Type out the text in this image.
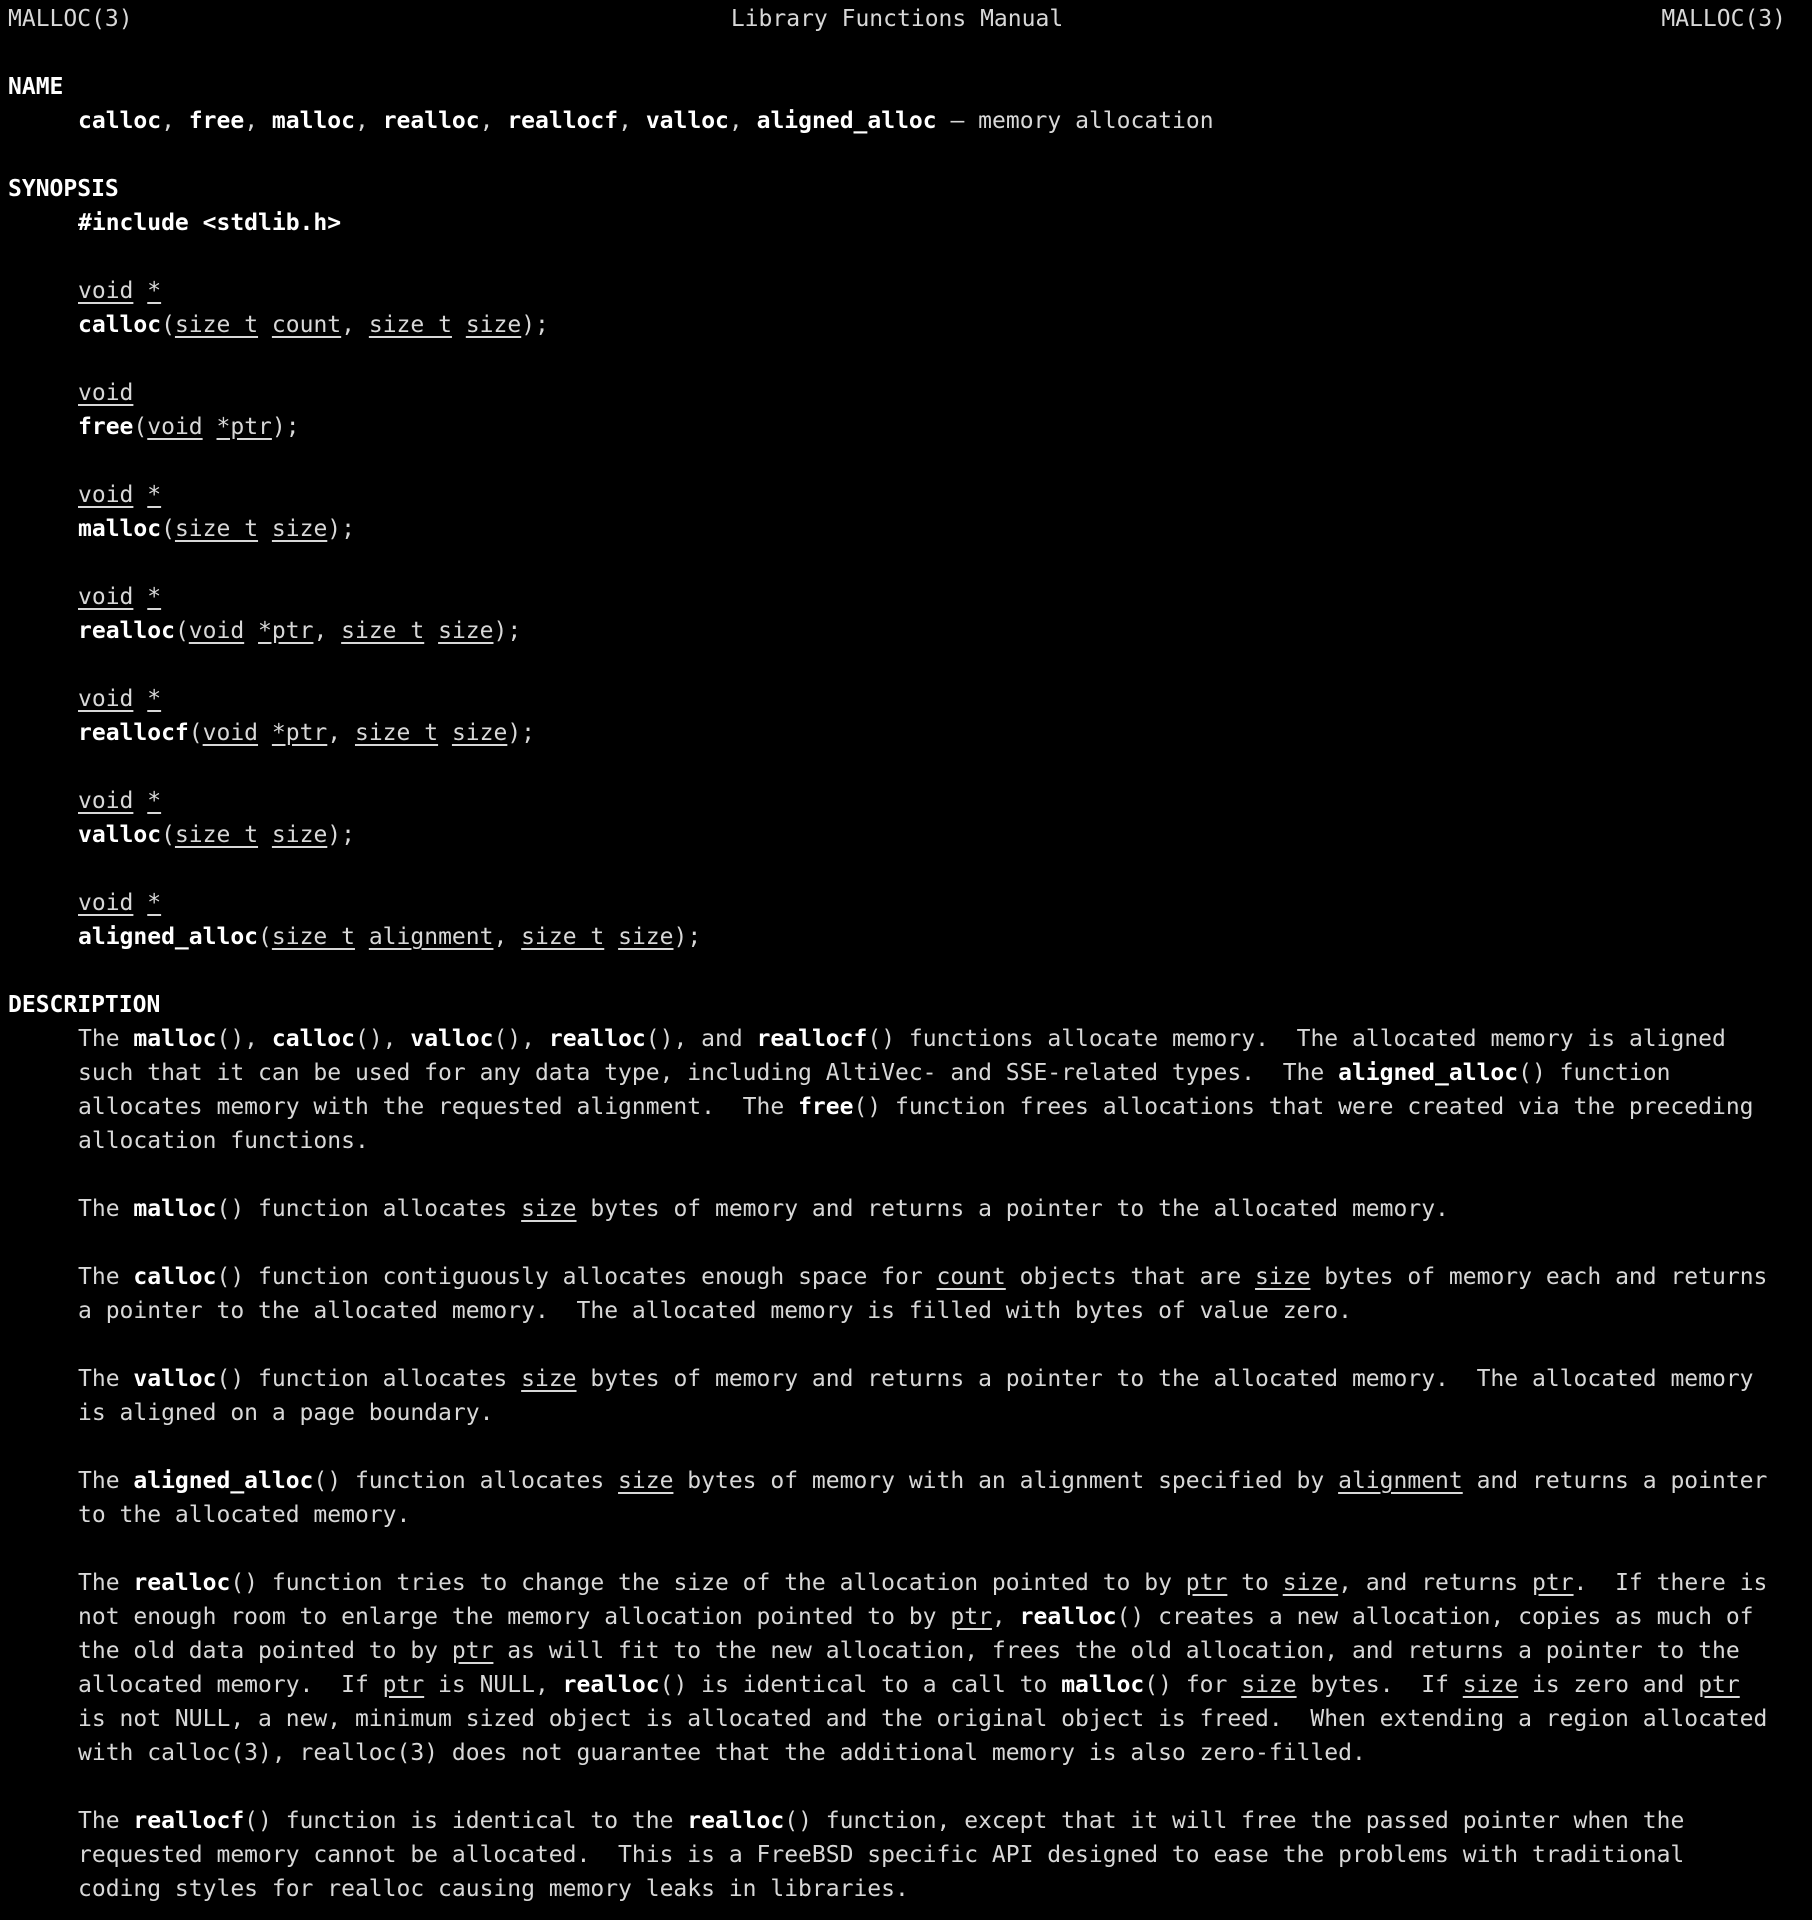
MALLOC(3)	Library Functions Manual	MALLOC(3)
NAME
calloc, free, malloc, realloc, reallocf, valloc, aligned_alloc – memory allocation
SYNOPSIS
#include <stdlib.h>
void *
calloc(size_t count, size_t size);
void
free(void *ptr);
void *
malloc(size_t size);
void *
realloc(void *ptr, size_t size);
void *
reallocf(void *ptr, size_t size);
void *
valloc(size_t size);
void *
aligned_alloc(size_t alignment, size_t size);
DESCRIPTION
The malloc(), calloc(), valloc(), realloc(), and reallocf() functions allocate memory.  The allocated memory is aligned
such that it can be used for any data type, including AltiVec- and SSE-related types.  The aligned_alloc() function
allocates memory with the requested alignment.  The free() function frees allocations that were created via the preceding
allocation functions.
The malloc() function allocates size bytes of memory and returns a pointer to the allocated memory.
The calloc() function contiguously allocates enough space for count objects that are size bytes of memory each and returns
a pointer to the allocated memory.  The allocated memory is filled with bytes of value zero.
The valloc() function allocates size bytes of memory and returns a pointer to the allocated memory.  The allocated memory
is aligned on a page boundary.
The aligned_alloc() function allocates size bytes of memory with an alignment specified by alignment and returns a pointer
to the allocated memory.
The realloc() function tries to change the size of the allocation pointed to by ptr to size, and returns ptr.  If there is
not enough room to enlarge the memory allocation pointed to by ptr, realloc() creates a new allocation, copies as much of
the old data pointed to by ptr as will fit to the new allocation, frees the old allocation, and returns a pointer to the
allocated memory.  If ptr is NULL, realloc() is identical to a call to malloc() for size bytes.  If size is zero and ptr
is not NULL, a new, minimum sized object is allocated and the original object is freed.  When extending a region allocated
with calloc(3), realloc(3) does not guarantee that the additional memory is also zero-filled.
The reallocf() function is identical to the realloc() function, except that it will free the passed pointer when the
requested memory cannot be allocated.  This is a FreeBSD specific API designed to ease the problems with traditional
coding styles for realloc causing memory leaks in libraries.
